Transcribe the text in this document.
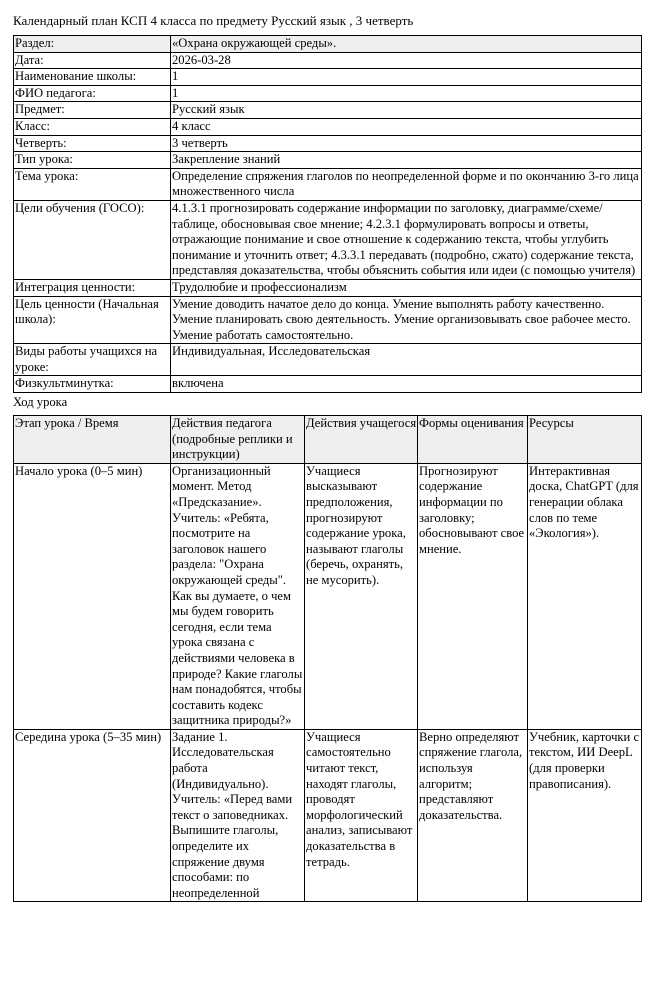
Календарный план КСП 4 класса по предмету Русский язык , 3 четверть
Раздел:	«Охрана окружающей среды».
Дата:	2026-03-28
Наименование школы:	1
ФИО педагога:	1
Предмет:	Русский язык
Класс:	4 класс
Четверть:	3 четверть
Тип урока:	Закрепление знаний
Тема урока:	Определение спряжения глаголов по неопределенной форме и по окончанию 3-го лица множественного числа
Цели обучения (ГОСО):	4.1.3.1 прогнозировать содержание информации по заголовку, диаграмме/схеме/таблице, обосновывая свое мнение; 4.2.3.1 формулировать вопросы и ответы, отражающие понимание и свое отношение к содержанию текста, чтобы углубить понимание и уточнить ответ; 4.3.3.1 передавать (подробно, сжато) содержание текста, представляя доказательства, чтобы объяснить события или идеи (с помощью учителя)
Интеграция ценности:	Трудолюбие и профессионализм
Цель ценности (Начальная школа):	Умение доводить начатое дело до конца. Умение выполнять работу качественно. Умение планировать свою деятельность. Умение организовывать свое рабочее место. Умение работать самостоятельно.
Виды работы учащихся на уроке:	Индивидуальная, Исследовательская
Физкультминутка:	включена
Ход урока
Этап урока / Время	Действия педагога (подробные реплики и инструкции)	Действия учащегося	Формы оценивания	Ресурсы
Начало урока (0–5 мин)	Организационный момент. Метод «Предсказание». Учитель: «Ребята, посмотрите на заголовок нашего раздела: "Охрана окружающей среды". Как вы думаете, о чем мы будем говорить сегодня, если тема урока связана с действиями человека в природе? Какие глаголы нам понадобятся, чтобы составить кодекс защитника природы?»	Учащиеся высказывают предположения, прогнозируют содержание урока, называют глаголы (беречь, охранять, не мусорить).	Прогнозируют содержание информации по заголовку; обосновывают свое мнение.	Интерактивная доска, ChatGPT (для генерации облака слов по теме «Экология»).
Середина урока (5–35 мин)	Задание 1. Исследовательская работа (Индивидуально). Учитель: «Перед вами текст о заповедниках. Выпишите глаголы, определите их спряжение двумя способами: по неопределенной	Учащиеся самостоятельно читают текст, находят глаголы, проводят морфологический анализ, записывают доказательства в тетрадь.	Верно определяют спряжение глагола, используя алгоритм; представляют доказательства.	Учебник, карточки с текстом, ИИ DeepL (для проверки правописания).
